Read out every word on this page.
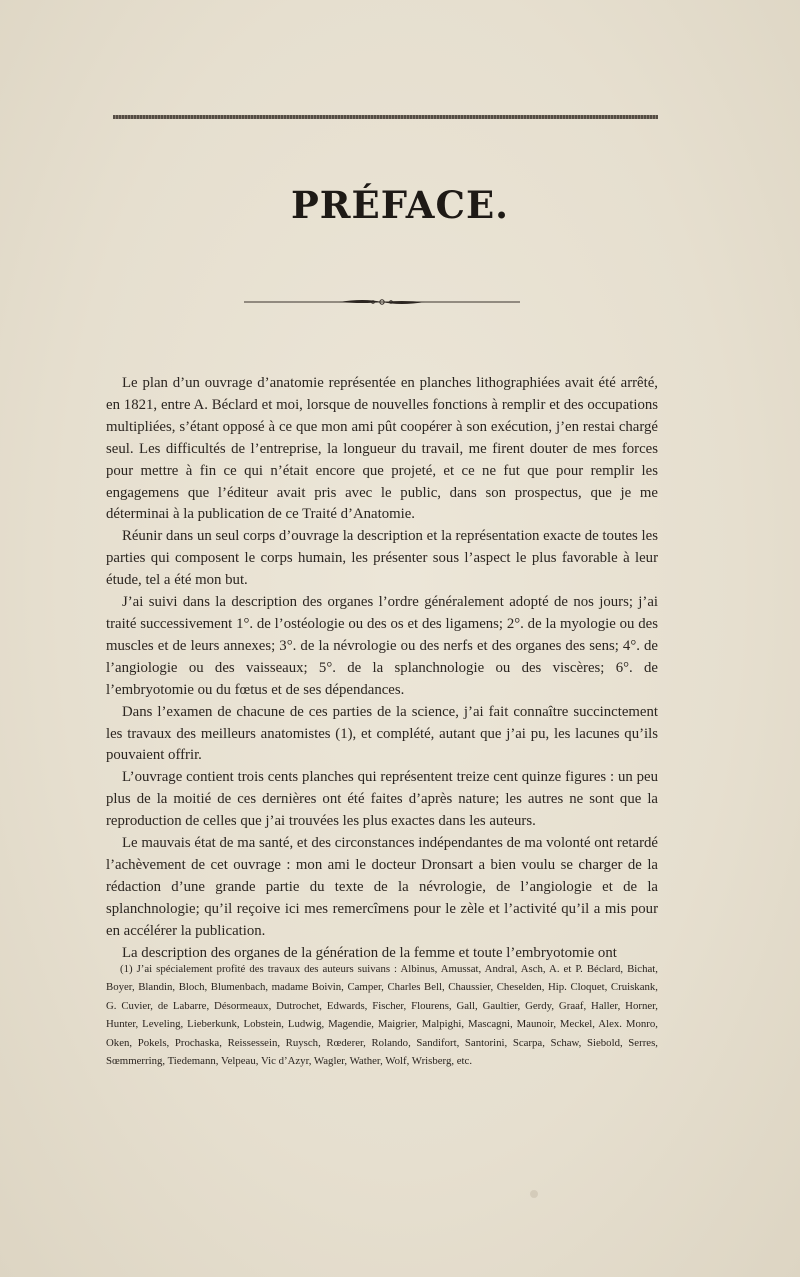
PRÉFACE.

Le plan d’un ouvrage d’anatomie représentée en planches lithographiées avait été arrêté, en 1821, entre A. Béclard et moi, lorsque de nouvelles fonctions à remplir et des occupations multipliées, s’étant opposé à ce que mon ami pût coopérer à son exécution, j’en restai chargé seul. Les difficultés de l’entreprise, la longueur du travail, me firent douter de mes forces pour mettre à fin ce qui n’était encore que projeté, et ce ne fut que pour remplir les engagemens que l’éditeur avait pris avec le public, dans son prospectus, que je me déterminai à la publication de ce Traité d’Anatomie.

Réunir dans un seul corps d’ouvrage la description et la représentation exacte de toutes les parties qui composent le corps humain, les présenter sous l’aspect le plus favorable à leur étude, tel a été mon but.

J’ai suivi dans la description des organes l’ordre généralement adopté de nos jours; j’ai traité successivement 1°. de l’ostéologie ou des os et des ligamens; 2°. de la myologie ou des muscles et de leurs annexes; 3°. de la névrologie ou des nerfs et des organes des sens; 4°. de l’angiologie ou des vaisseaux; 5°. de la splanchnologie ou des viscères; 6°. de l’embryotomie ou du fœtus et de ses dépendances.

Dans l’examen de chacune de ces parties de la science, j’ai fait connaître succinctement les travaux des meilleurs anatomistes (1), et complété, autant que j’ai pu, les lacunes qu’ils pouvaient offrir.

L’ouvrage contient trois cents planches qui représentent treize cent quinze figures : un peu plus de la moitié de ces dernières ont été faites d’après nature; les autres ne sont que la reproduction de celles que j’ai trouvées les plus exactes dans les auteurs.

Le mauvais état de ma santé, et des circonstances indépendantes de ma volonté ont retardé l’achèvement de cet ouvrage : mon ami le docteur Dronsart a bien voulu se charger de la rédaction d’une grande partie du texte de la névrologie, de l’angiologie et de la splanchnologie; qu’il reçoive ici mes remercîmens pour le zèle et l’activité qu’il a mis pour en accélérer la publication.

La description des organes de la génération de la femme et toute l’embryotomie ont

(1) J’ai spécialement profité des travaux des auteurs suivans : Albinus, Amussat, Andral, Asch, A. et P. Béclard, Bichat, Boyer, Blandin, Bloch, Blumenbach, madame Boivin, Camper, Charles Bell, Chaussier, Cheselden, Hip. Cloquet, Cruiskank, G. Cuvier, de Labarre, Désormeaux, Dutrochet, Edwards, Fischer, Flourens, Gall, Gaultier, Gerdy, Graaf, Haller, Horner, Hunter, Leveling, Lieberkunk, Lobstein, Ludwig, Magendie, Maigrier, Malpighi, Mascagni, Maunoir, Meckel, Alex. Monro, Oken, Pokels, Prochaska, Reissessein, Ruysch, Rœderer, Rolando, Sandifort, Santorini, Scarpa, Schaw, Siebold, Serres, Sœmmerring, Tiedemann, Velpeau, Vic d’Azyr, Wagler, Wather, Wolf, Wrisberg, etc.
